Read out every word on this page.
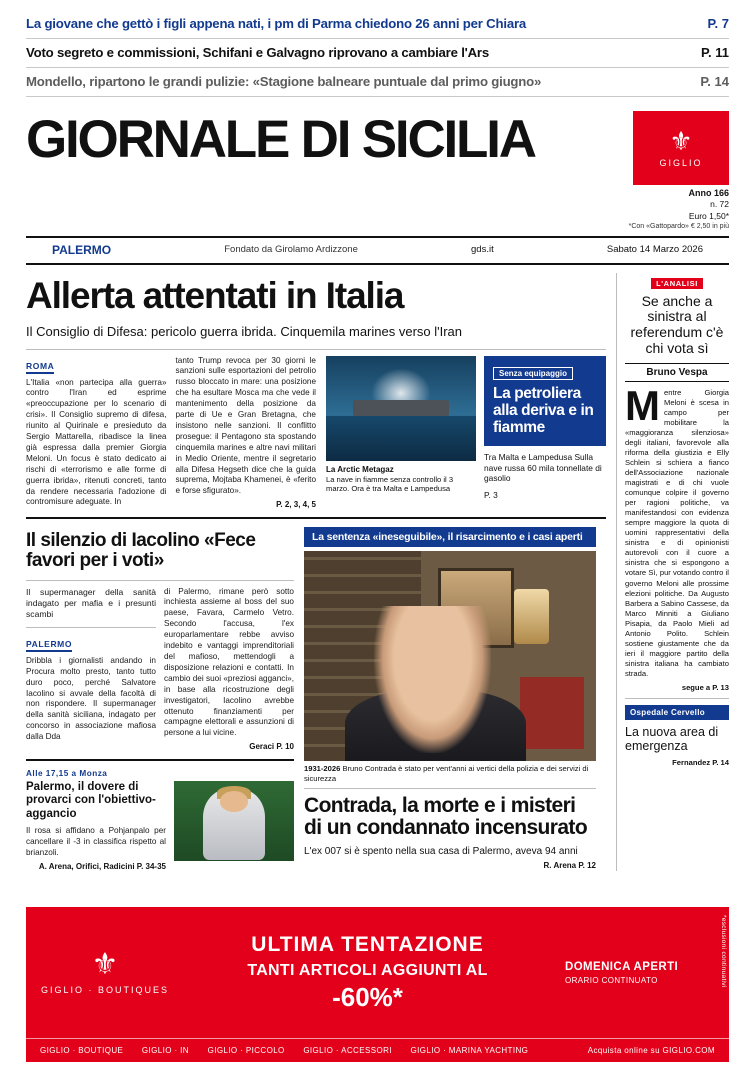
La giovane che gettò i figli appena nati, i pm di Parma chiedono 26 anni per Chiara	P. 7
Voto segreto e commissioni, Schifani e Galvagno riprovano a cambiare l'Ars	P. 11
Mondello, ripartono le grandi pulizie: «Stagione balneare puntuale dal primo giugno»	P. 14
GIORNALE DI SICILIA	⚜
GIGLIO
Anno 166
n. 72
Euro 1,50*
*Con «Gattopardo» € 2,50 in più
PALERMO	Fondato da Girolamo Ardizzone	gds.it	Sabato 14 Marzo 2026
Allerta attentati in Italia
Il Consiglio di Difesa: pericolo guerra ibrida. Cinquemila marines verso l'Iran
ROMA
L'Italia «non partecipa alla guerra» contro l'Iran ed esprime «preoccupazione per lo scenario di crisi». Il Consiglio supremo di difesa, riunito al Quirinale e presieduto da Sergio Mattarella, ribadisce la linea già espressa dalla premier Giorgia Meloni. Un focus è stato dedicato ai rischi di «terrorismo e alle forme di guerra ibrida», ritenuti concreti, tanto da rendere necessaria l'adozione di contromisure adeguate. In
tanto Trump revoca per 30 giorni le sanzioni sulle esportazioni del petrolio russo bloccato in mare: una posizione che ha esultare Mosca ma che vede il mantenimento della posizione da parte di Ue e Gran Bretagna, che insistono nelle sanzioni. Il conflitto prosegue: il Pentagono sta spostando cinquemila marines e altre navi militari in Medio Oriente, mentre il segretario alla Difesa Hegseth dice che la guida suprema, Mojtaba Khamenei, è «ferito e forse sfigurato».
P. 2, 3, 4, 5
La Arctic Metagaz
La nave in fiamme senza controllo il 3 marzo. Ora è tra Malta e Lampedusa
Senza equipaggio
La petroliera alla deriva e in fiamme
Tra Malta e Lampedusa Sulla nave russa 60 mila tonnellate di gasolio
P. 3
Il silenzio di Iacolino «Fece favori per i voti»
Il supermanager della sanità indagato per mafia e i presunti scambi
PALERMO
Dribbla i giornalisti andando in Procura molto presto, tanto tutto duro poco, perché Salvatore Iacolino si avvale della facoltà di non rispondere. Il supermanager della sanità siciliana, indagato per concorso in associazione mafiosa dalla Dda
di Palermo, rimane però sotto inchiesta assieme al boss del suo paese, Favara, Carmelo Vetro. Secondo l'accusa, l'ex europarlamentare rebbe avviso indebito e vantaggi imprenditoriali del mafioso, mettendogli a disposizione relazioni e contatti. In cambio dei suoi «preziosi agganci», in base alla ricostruzione degli investigatori, Iacolino avrebbe ottenuto finanziamenti per campagne elettorali e assunzioni di persone a lui vicine.
Geraci P. 10
Alle 17,15 a Monza
Palermo, il dovere di provarci con l'obiettivo-aggancio
Il rosa si affidano a Pohjanpalo per cancellare il -3 in classifica rispetto al brianzoli.
A. Arena, Orifici, Radicini P. 34-35
La sentenza «ineseguibile», il risarcimento e i casi aperti
1931-2026 Bruno Contrada è stato per vent'anni ai vertici della polizia e dei servizi di sicurezza
Contrada, la morte e i misteri di un condannato incensurato
L'ex 007 si è spento nella sua casa di Palermo, aveva 94 anni
R. Arena P. 12
L'ANALISI
Se anche a sinistra al referendum c'è chi vota sì
Bruno Vespa
Mentre Giorgia Meloni è scesa in campo per mobilitare la «maggioranza silenziosa» degli italiani, favorevole alla riforma della giustizia e Elly Schlein si schiera a fianco dell'Associazione nazionale magistrati e di chi vuole comunque colpire il governo per ragioni politiche, va manifestandosi con evidenza sempre maggiore la quota di uomini rappresentativi della sinistra e di opinionisti autorevoli con il cuore a sinistra che si espongono a votare Sì, pur votando contro il governo Meloni alle prossime elezioni politiche. Da Augusto Barbera a Sabino Cassese, da Marco Minniti a Giuliano Pisapia, da Paolo Mieli ad Antonio Polito. Schlein sostiene giustamente che da ieri il maggiore partito della sinistra italiana ha cambiato strada.
segue a P. 13
Ospedale Cervello
La nuova area di emergenza
Fernandez P. 14
⚜
GIGLIO · BOUTIQUES
ULTIMA TENTAZIONE
TANTI ARTICOLI AGGIUNTI AL
-60%*
DOMENICA APERTI
ORARIO CONTINUATO	*esclusioni continuativi
GIGLIO · BOUTIQUE GIGLIO · IN GIGLIO · PICCOLO GIGLIO · ACCESSORI GIGLIO · MARINA YACHTING	Acquista online su GIGLIO.COM
